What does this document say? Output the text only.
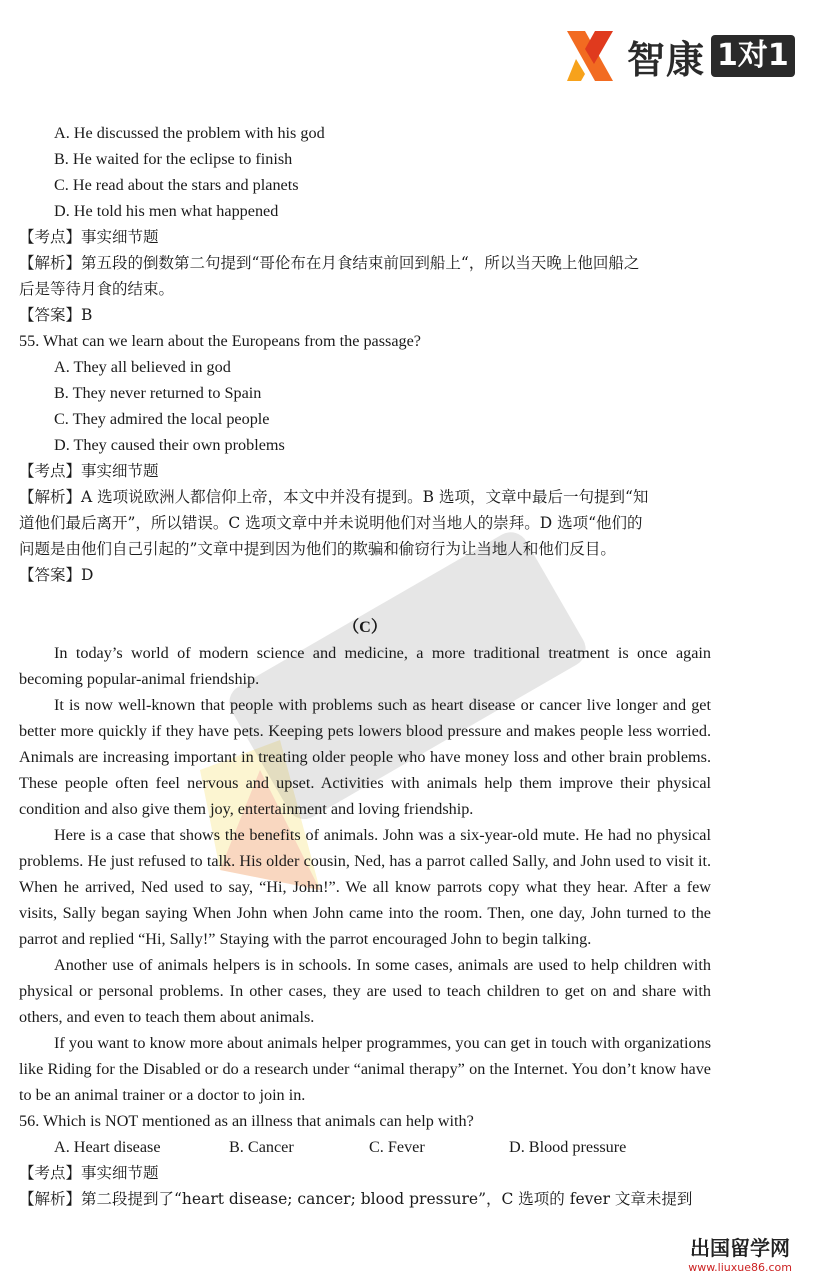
智康 1对1

A. He discussed the problem with his god

B. He waited for the eclipse to finish

C. He read about the stars and planets

D. He told his men what happened

【考点】事实细节题

【解析】第五段的倒数第二句提到“哥伦布在月食结束前回到船上“，所以当天晚上他回船之

后是等待月食的结束。

【答案】B

55. What can we learn about the Europeans from the passage?

A. They all believed in god

B. They never returned to Spain

C. They admired the local people

D. They caused their own problems

【考点】事实细节题

【解析】A 选项说欧洲人都信仰上帝，本文中并没有提到。B 选项，文章中最后一句提到“知

道他们最后离开”，所以错误。C 选项文章中并未说明他们对当地人的崇拜。D 选项“他们的

问题是由他们自己引起的”文章中提到因为他们的欺骗和偷窃行为让当地人和他们反目。

【答案】D

（C）

In today’s world of modern science and medicine, a more traditional treatment is once again becoming popular-animal friendship.

It is now well-known that people with problems such as heart disease or cancer live longer and get better more quickly if they have pets. Keeping pets lowers blood pressure and makes people less worried. Animals are increasing important in treating older people who have money loss and other brain problems. These people often feel nervous and upset. Activities with animals help them improve their physical condition and also give them joy, entertainment and loving friendship.

Here is a case that shows the benefits of animals. John was a six-year-old mute. He had no physical problems. He just refused to talk. His older cousin, Ned, has a parrot called Sally, and John used to visit it. When he arrived, Ned used to say, “Hi, John!”. We all know parrots copy what they hear. After a few visits, Sally began saying When John when John came into the room. Then, one day, John turned to the parrot and replied “Hi, Sally!” Staying with the parrot encouraged John to begin talking.

Another use of animals helpers is in schools. In some cases, animals are used to help children with physical or personal problems. In other cases, they are used to teach children to get on and share with others, and even to teach them about animals.

If you want to know more about animals helper programmes, you can get in touch with organizations like Riding for the Disabled or do a research under “animal therapy” on the Internet. You don’t know have to be an animal trainer or a doctor to join in.

56. Which is NOT mentioned as an illness that animals can help with?

A. Heart disease	B. Cancer	C. Fever	D. Blood pressure

【考点】事实细节题

【解析】第二段提到了“heart disease; cancer; blood pressure”，C 选项的 fever 文章未提到

出国留学网
www.liuxue86.com
